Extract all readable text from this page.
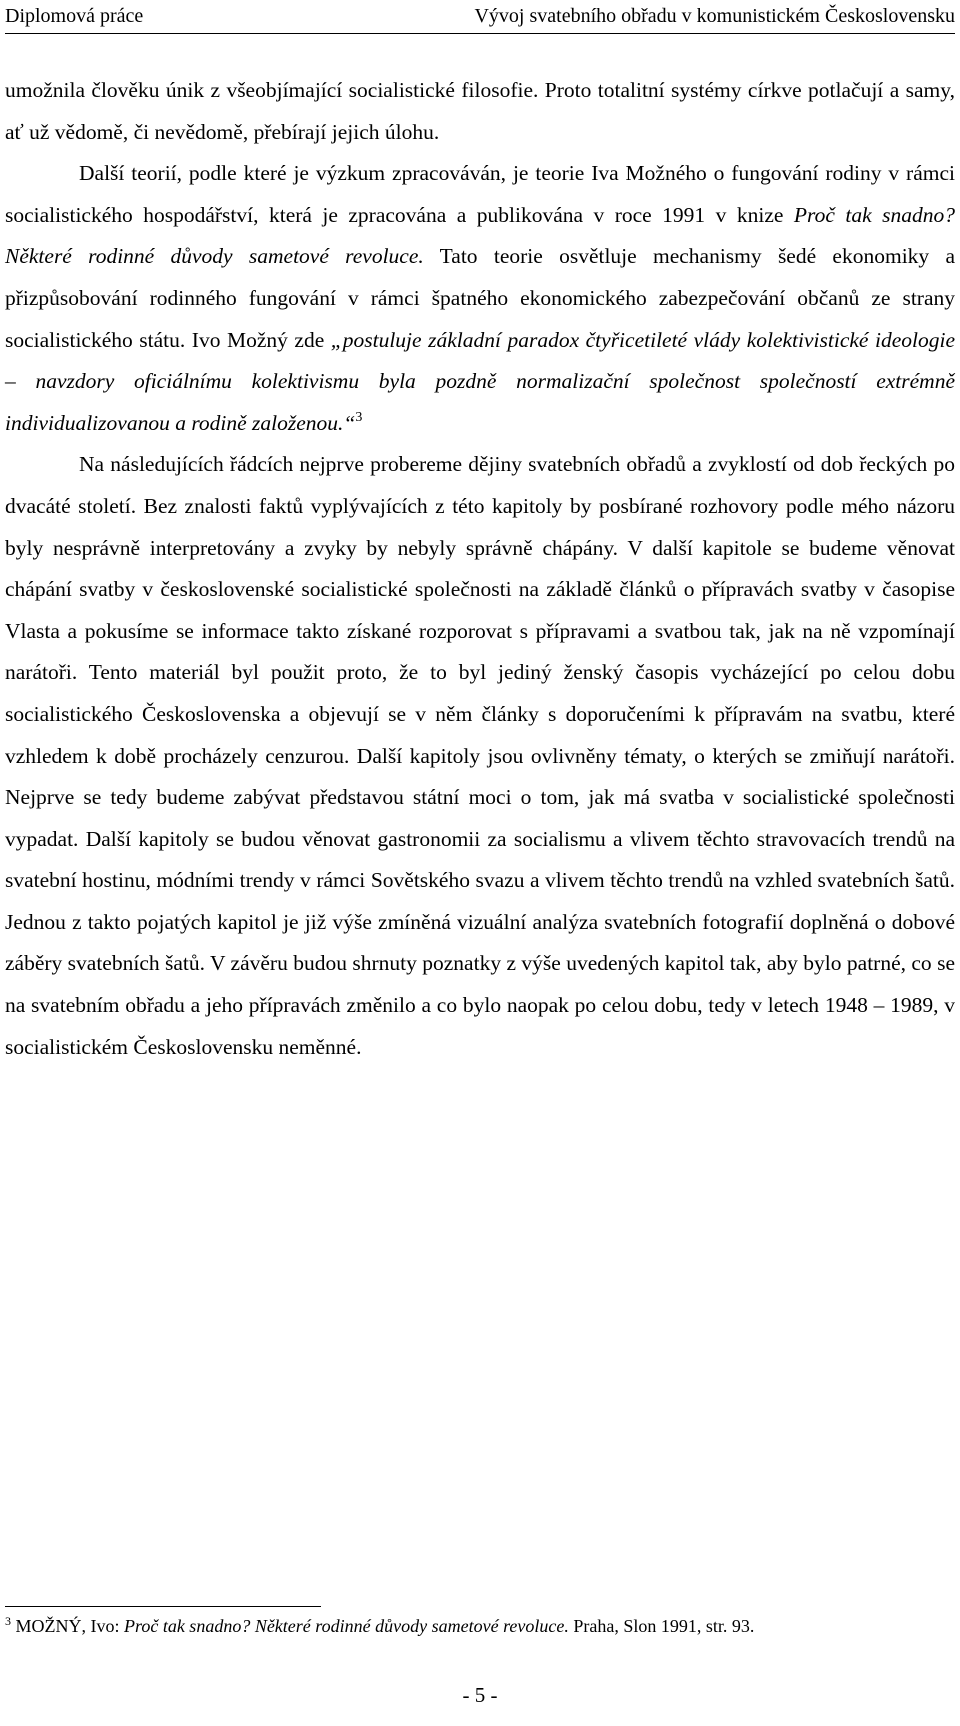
Diplomová práce	Vývoj svatebního obřadu v komunistickém Československu

umožnila člověku únik z všeobjímající socialistické filosofie. Proto totalitní systémy církve potlačují a samy, ať už vědomě, či nevědomě, přebírají jejich úlohu.

Další teorií, podle které je výzkum zpracováván, je teorie Iva Možného o fungování rodiny v rámci socialistického hospodářství, která je zpracována a publikována v roce 1991 v knize Proč tak snadno? Některé rodinné důvody sametové revoluce. Tato teorie osvětluje mechanismy šedé ekonomiky a přizpůsobování rodinného fungování v rámci špatného ekonomického zabezpečování občanů ze strany socialistického státu. Ivo Možný zde „postuluje základní paradox čtyřicetileté vlády kolektivistické ideologie – navzdory oficiálnímu kolektivismu byla pozdně normalizační společnost společností extrémně individualizovanou a rodině založenou.“$^3$

Na následujících řádcích nejprve probereme dějiny svatebních obřadů a zvyklostí od dob řeckých po dvacáté století. Bez znalosti faktů vyplývajících z této kapitoly by posbírané rozhovory podle mého názoru byly nesprávně interpretovány a zvyky by nebyly správně chápány. V další kapitole se budeme věnovat chápání svatby v československé socialistické společnosti na základě článků o přípravách svatby v časopise Vlasta a pokusíme se informace takto získané rozporovat s přípravami a svatbou tak, jak na ně vzpomínají narátoři. Tento materiál byl použit proto, že to byl jediný ženský časopis vycházející po celou dobu socialistického Československa a objevují se v něm články s doporučeními k přípravám na svatbu, které vzhledem k době procházely cenzurou. Další kapitoly jsou ovlivněny tématy, o kterých se zmiňují narátoři. Nejprve se tedy budeme zabývat představou státní moci o tom, jak má svatba v socialistické společnosti vypadat. Další kapitoly se budou věnovat gastronomii za socialismu a vlivem těchto stravovacích trendů na svatební hostinu, módními trendy v rámci Sovětského svazu a vlivem těchto trendů na vzhled svatebních šatů. Jednou z takto pojatých kapitol je již výše zmíněná vizuální analýza svatebních fotografií doplněná o dobové záběry svatebních šatů. V závěru budou shrnuty poznatky z výše uvedených kapitol tak, aby bylo patrné, co se na svatebním obřadu a jeho přípravách změnilo a co bylo naopak po celou dobu, tedy v letech 1948 – 1989, v socialistickém Československu neměnné.

$^3$ MOŽNÝ, Ivo: Proč tak snadno? Některé rodinné důvody sametové revoluce. Praha, Slon 1991, str. 93.
- 5 -
